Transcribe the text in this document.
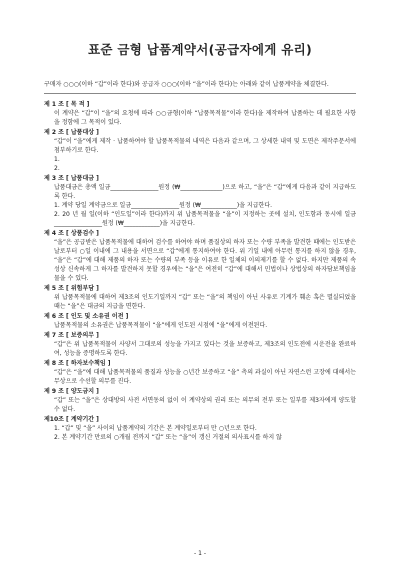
표준 금형 납품계약서(공급자에게 유리)
구매자 ○○○(이하 “갑”이라 한다)와 공급자 ○○○(이하 “을”이라 한다)는 아래와 같이 납품계약을 체결한다.
제 1 조 [ 목 적 ]
이 계약은 “갑”이 “을”의 요청에 따라 ○○금형(이하 “납품목적물”이라 한다)을 제작하여 납품하는 데 필요한 사항을 정함에 그 목적이 있다.
제 2 조 [ 납품대상 ]
“갑”이 “을”에게 제작 · 납품하여야 할 납품목적물의 내역은 다음과 같으며, 그 상세한 내역 및 도면은 제작주문서에 첨부하기로 한다.
1.
2.
제 3 조 [ 납품대금 ]
납품대금은 총액 일금________________원정 (₩______________)으로 하고, “을”은 “갑”에게 다음과 같이 지급하도록 한다.
1. 계약 당일 계약금으로 일금________________원정 (₩____________)을 지급한다.
2. 20 년 월 일(이하 “인도일”이라 한다)까지 위 납품목적물을 “을”이 지정하는 곳에 설치, 인도함과 동시에 일금________________원정 (₩____________)을 지급한다.
제 4 조 [ 상품검수 ]
“을”은 공급받은 납품목적물에 대하여 검수를 하여야 하며 품질상의 하자 또는 수량 부족을 발견한 때에는 인도받은 날로부터 ○일 이내에 그 내용을 서면으로 “갑”에게 통지하여야 한다. 위 기일 내에 아무런 통지를 하지 않을 경우, “을”은 “갑”에 대해 제품의 하자 또는 수량의 부족 등을 이유로 한 일체의 이의제기를 할 수 없다. 하지만 제품의 속성상 신속하게 그 하자를 발견하지 못할 경우에는 “을”은 여전히 “갑”에 대해서 민법이나 상법상의 하자담보책임을 물을 수 있다.
제 5 조 [ 위험부담 ]
위 납품목적물에 대하여 제3조의 인도기일까지 “갑” 또는 “을”의 책임이 아닌 사유로 기계가 훼손 혹은 멸실되었을 때는 “을”은 대금의 지급을 면한다.
제 6 조 [ 인도 및 소유권 이전 ]
납품목적물의 소유권은 납품목적물이 “을”에게 인도된 시점에 “을”에게 이전된다.
제 7 조 [ 보증의무 ]
“갑”은 위 납품목적물이 사양서 그대로의 성능을 가지고 있다는 것을 보증하고, 제3조의 인도전에 시운전을 완료하여, 성능을 증명하도록 한다.
제 8 조 [ 하자보수책임 ]
“갑”은 “을”에 대해 납품목적물의 품질과 성능을 ○년간 보증하고 “을” 측의 과실이 아닌 자연스런 고장에 대해서는 무상으로 수선할 의무를 진다.
제 9 조 [ 양도금지 ]
“갑” 또는 “을”은 상대방의 사전 서면동의 없이 이 계약상의 권리 또는 의무의 전부 또는 일부를 제3자에게 양도할 수 없다.
제10조 [ 계약기간 ]
1. “갑” 및 “을” 사이의 납품계약의 기간은 본 계약일로부터 만 ○년으로 한다.
2. 본 계약기간 만료의 ○개월 전까지 “갑” 또는 “을”이 갱신 거절의 의사표시를 하지 않
- 1 -
